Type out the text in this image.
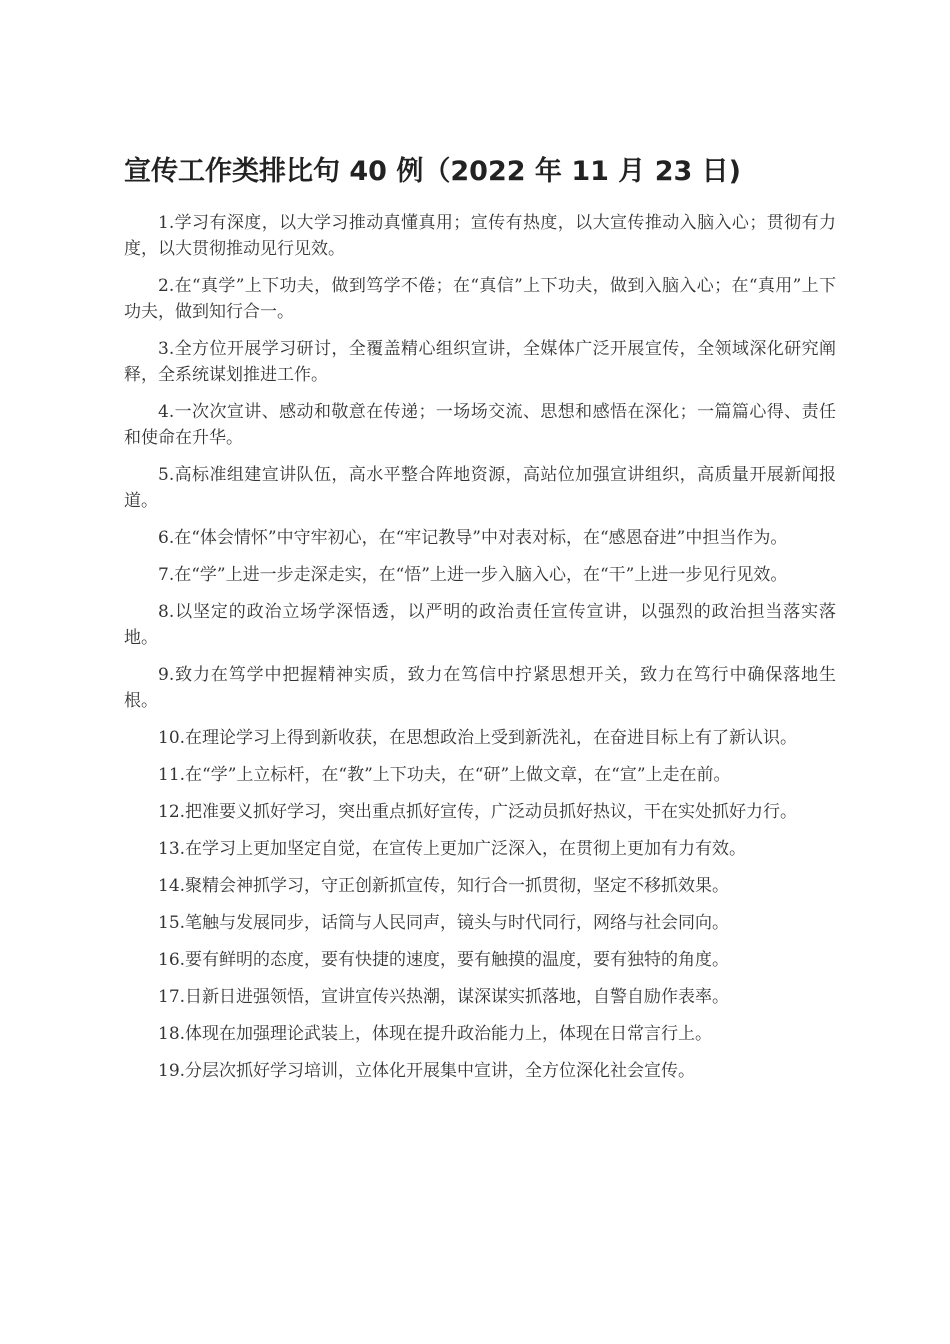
宣传工作类排比句 40 例（2022 年 11 月 23 日)

1.学习有深度，以大学习推动真懂真用；宣传有热度，以大宣传推动入脑入心；贯彻有力度，以大贯彻推动见行见效。

2.在“真学”上下功夫，做到笃学不倦；在“真信”上下功夫，做到入脑入心；在“真用”上下功夫，做到知行合一。

3.全方位开展学习研讨，全覆盖精心组织宣讲，全媒体广泛开展宣传，全领域深化研究阐释，全系统谋划推进工作。

4.一次次宣讲、感动和敬意在传递；一场场交流、思想和感悟在深化；一篇篇心得、责任和使命在升华。

5.高标准组建宣讲队伍，高水平整合阵地资源，高站位加强宣讲组织，高质量开展新闻报道。

6.在“体会情怀”中守牢初心，在“牢记教导”中对表对标，在“感恩奋进”中担当作为。

7.在“学”上进一步走深走实，在“悟”上进一步入脑入心，在“干”上进一步见行见效。

8.以坚定的政治立场学深悟透，以严明的政治责任宣传宣讲，以强烈的政治担当落实落地。

9.致力在笃学中把握精神实质，致力在笃信中拧紧思想开关，致力在笃行中确保落地生根。

10.在理论学习上得到新收获，在思想政治上受到新洗礼，在奋进目标上有了新认识。

11.在“学”上立标杆，在“教”上下功夫，在“研”上做文章，在“宣”上走在前。

12.把准要义抓好学习，突出重点抓好宣传，广泛动员抓好热议，干在实处抓好力行。

13.在学习上更加坚定自觉，在宣传上更加广泛深入，在贯彻上更加有力有效。

14.聚精会神抓学习，守正创新抓宣传，知行合一抓贯彻，坚定不移抓效果。

15.笔触与发展同步，话筒与人民同声，镜头与时代同行，网络与社会同向。

16.要有鲜明的态度，要有快捷的速度，要有触摸的温度，要有独特的角度。

17.日新日进强领悟，宣讲宣传兴热潮，谋深谋实抓落地，自警自励作表率。

18.体现在加强理论武装上，体现在提升政治能力上，体现在日常言行上。

19.分层次抓好学习培训，立体化开展集中宣讲，全方位深化社会宣传。
